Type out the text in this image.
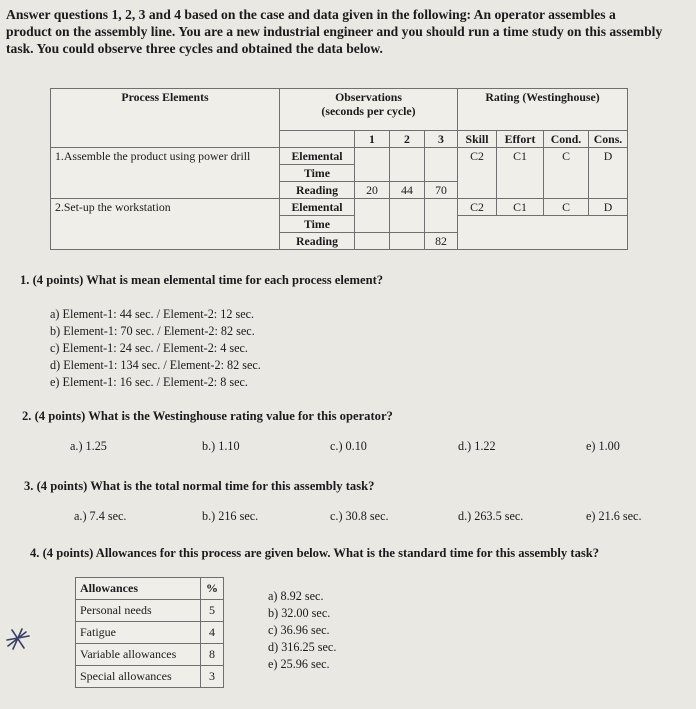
Answer questions 1, 2, 3 and 4 based on the case and data given in the following: An operator assembles a

product on the assembly line. You are a new industrial engineer and you should run a time study on this assembly

task. You could observe three cycles and obtained the data below.

Process Elements	Observations
(seconds per cycle)				Rating (Westinghouse)			
		1	2	3	Skill	Effort	Cond.	Cons.
1.Assemble the product using power drill	Elemental				C2	C1	C	D
	Time							
	Reading	20	44	70				
2.Set-up the workstation	Elemental				C2	C1	C	D
	Time							
	Reading			82				
1. (4 points) What is mean elemental time for each process element?
a) Element-1: 44 sec. / Element-2: 12 sec.
b) Element-1: 70 sec. / Element-2: 82 sec.
c) Element-1: 24 sec. / Element-2: 4 sec.
d) Element-1: 134 sec. / Element-2: 82 sec.
e) Element-1: 16 sec. / Element-2: 8 sec.
2. (4 points) What is the Westinghouse rating value for this operator?
a.) 1.25	b.) 1.10	c.) 0.10	d.) 1.22	e) 1.00
3. (4 points) What is the total normal time for this assembly task?
a.) 7.4 sec.	b.) 216 sec.	c.) 30.8 sec.	d.) 263.5 sec.	e) 21.6 sec.
4. (4 points) Allowances for this process are given below. What is the standard time for this assembly task?
Allowances	%
Personal needs	5
Fatigue	4
Variable allowances	8
Special allowances	3
a) 8.92 sec.
b) 32.00 sec.
c) 36.96 sec.
d) 316.25 sec.
e) 25.96 sec.
